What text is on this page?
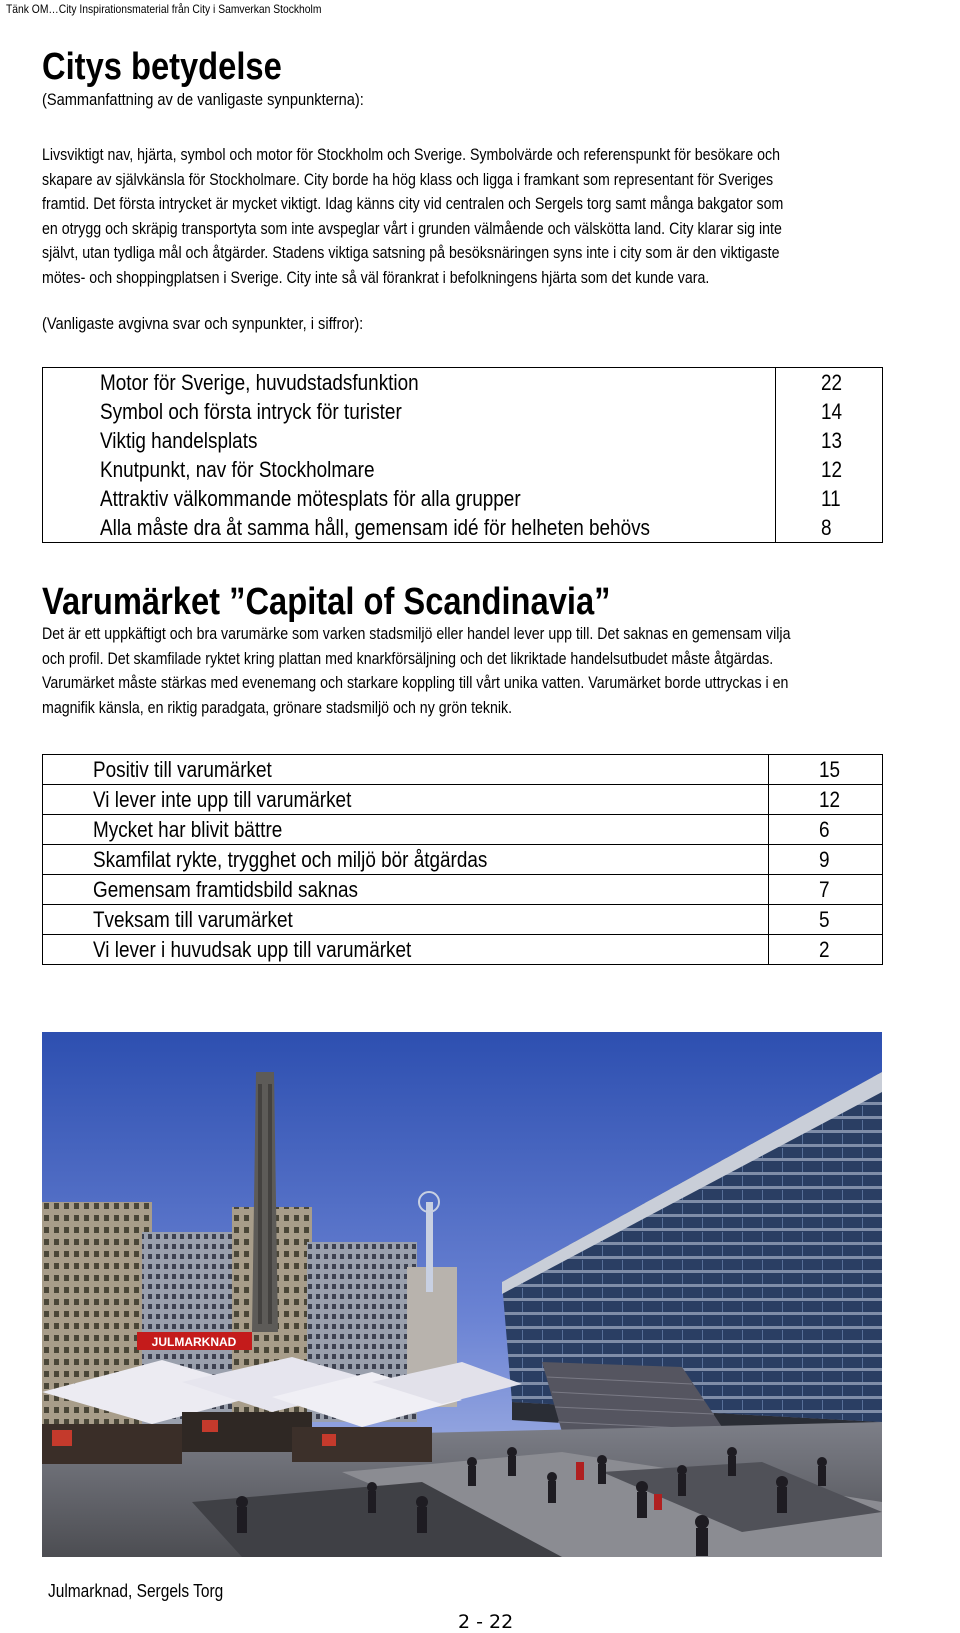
Tänk OM…City Inspirationsmaterial från City i Samverkan Stockholm
Citys betydelse
(Sammanfattning av de vanligaste synpunkterna):
Livsviktigt nav, hjärta, symbol och motor för Stockholm och Sverige. Symbolvärde och referenspunkt för besökare och
skapare av självkänsla för Stockholmare. City borde ha hög klass och ligga i framkant som representant för Sveriges
framtid. Det första intrycket är mycket viktigt. Idag känns city vid centralen och Sergels torg samt många bakgator som
en otrygg och skräpig transportyta som inte avspeglar vårt i grunden välmående och välskötta land. City klarar sig inte
självt, utan tydliga mål och åtgärder. Stadens viktiga satsning på besöksnäringen syns inte i city som är den viktigaste
mötes- och shoppingplatsen i Sverige. City inte så väl förankrat i befolkningens hjärta som det kunde vara.
(Vanligaste avgivna svar och synpunkter, i siffror):
Motor för Sverige, huvudstadsfunktion	22
Symbol och första intryck för turister	14
Viktig handelsplats	13
Knutpunkt, nav för Stockholmare	12
Attraktiv välkommande mötesplats för alla grupper	11
Alla måste dra åt samma håll, gemensam idé för helheten behövs	8
Varumärket ”Capital of Scandinavia”
Det är ett uppkäftigt och bra varumärke som varken stadsmiljö eller handel lever upp till. Det saknas en gemensam vilja
och profil. Det skamfilade ryktet kring plattan med knarkförsäljning och det likriktade handelsutbudet måste åtgärdas.
Varumärket måste stärkas med evenemang och starkare koppling till vårt unika vatten. Varumärket borde uttryckas i en
magnifik känsla, en riktig paradgata, grönare stadsmiljö och ny grön teknik.
Positiv till varumärket	15
Vi lever inte upp till varumärket	12
Mycket har blivit bättre	6
Skamfilat rykte, trygghet och miljö bör åtgärdas	9
Gemensam framtidsbild saknas	7
Tveksam till varumärket	5
Vi lever i huvudsak upp till varumärket	2
JULMARKNAD
Julmarknad, Sergels Torg
2 - 22
